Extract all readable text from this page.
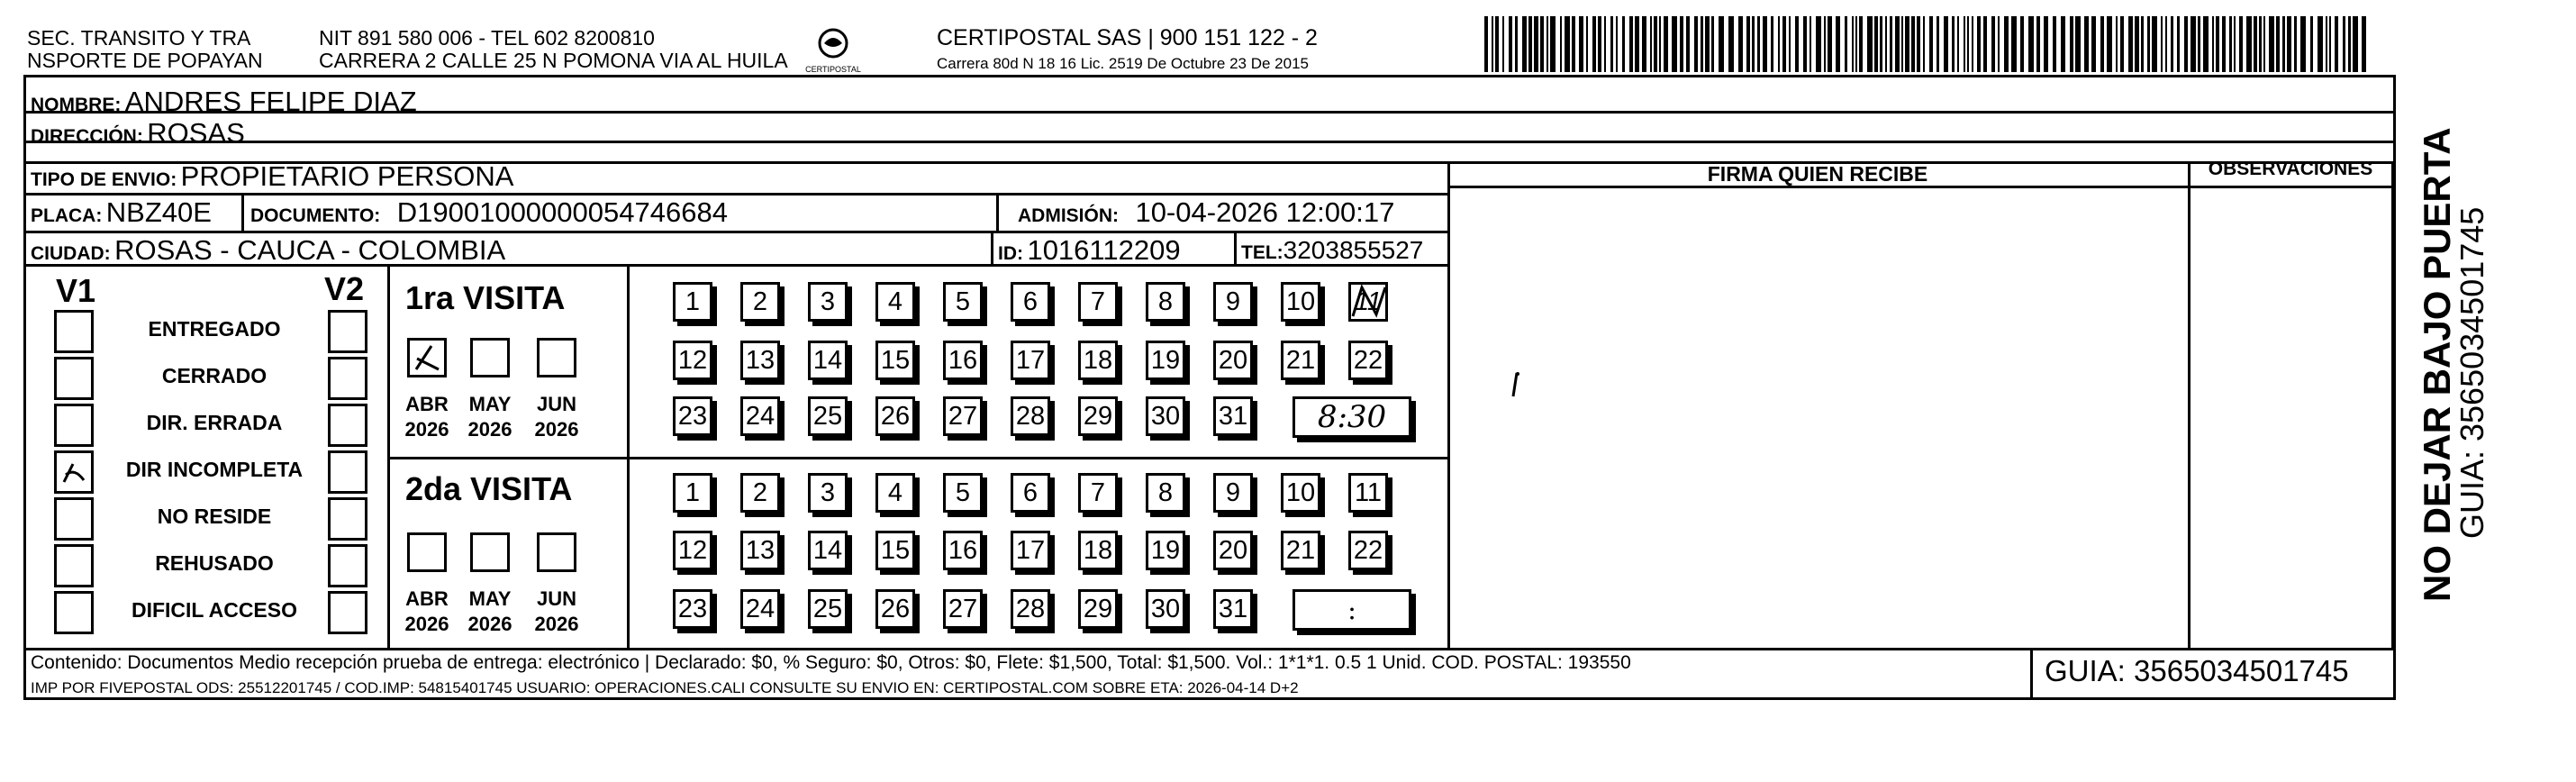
SEC. TRANSITO Y TRA
NSPORTE DE POPAYAN
NIT 891 580 006 - TEL 602 8200810
CARRERA 2 CALLE 25 N POMONA VIA AL HUILA CERTIPOSTAL
CERTIPOSTAL SAS | 900 151 122 - 2
Carrera 80d N 18 16 Lic. 2519 De Octubre 23 De 2015
NOMBRE: ANDRES FELIPE DIAZ
DIRECCIÓN: ROSAS
TIPO DE ENVIO: PROPIETARIO PERSONA
PLACA: NBZ40E DOCUMENTO: D19001000000054746684	ADMISIÓN: 10-04-2026 12:00:17
CIUDAD: ROSAS - CAUCA - COLOMBIA	ID: 1016112209	TEL:3203855527
FIRMA QUIEN RECIBE	OBSERVACIONES
V1	V2
ENTREGADO
CERRADO
DIR. ERRADA
DIR INCOMPLETA
NO RESIDE
REHUSADO
DIFICIL ACCESO
1ra VISITA
2da VISITA
ABR
2026
MAY
2026
JUN
2026
ABR
2026
MAY
2026
JUN
2026
1	2	3	4	5	6	7	8	9	10 11
12 13 14 15 16 17 18 19 20 21 22
23 24 25 26 27 28 29 30 31	8:30
1	2	3	4	5	6	7	8	9	10 11
12 13 14 15 16 17 18 19 20 21 22
23 24 25 26 27 28 29 30 31	:
Contenido: Documentos Medio recepción prueba de entrega: electrónico | Declarado: $0, % Seguro: $0, Otros: $0, Flete: $1,500, Total: $1,500. Vol.: 1*1*1. 0.5 1 Unid. COD. POSTAL: 193550
IMP POR FIVEPOSTAL ODS: 25512201745 / COD.IMP: 54815401745 USUARIO: OPERACIONES.CALI CONSULTE SU ENVIO EN: CERTIPOSTAL.COM SOBRE ETA: 2026-04-14 D+2
GUIA: 3565034501745
NO DEJAR BAJO PUERTA
GUIA: 3565034501745
